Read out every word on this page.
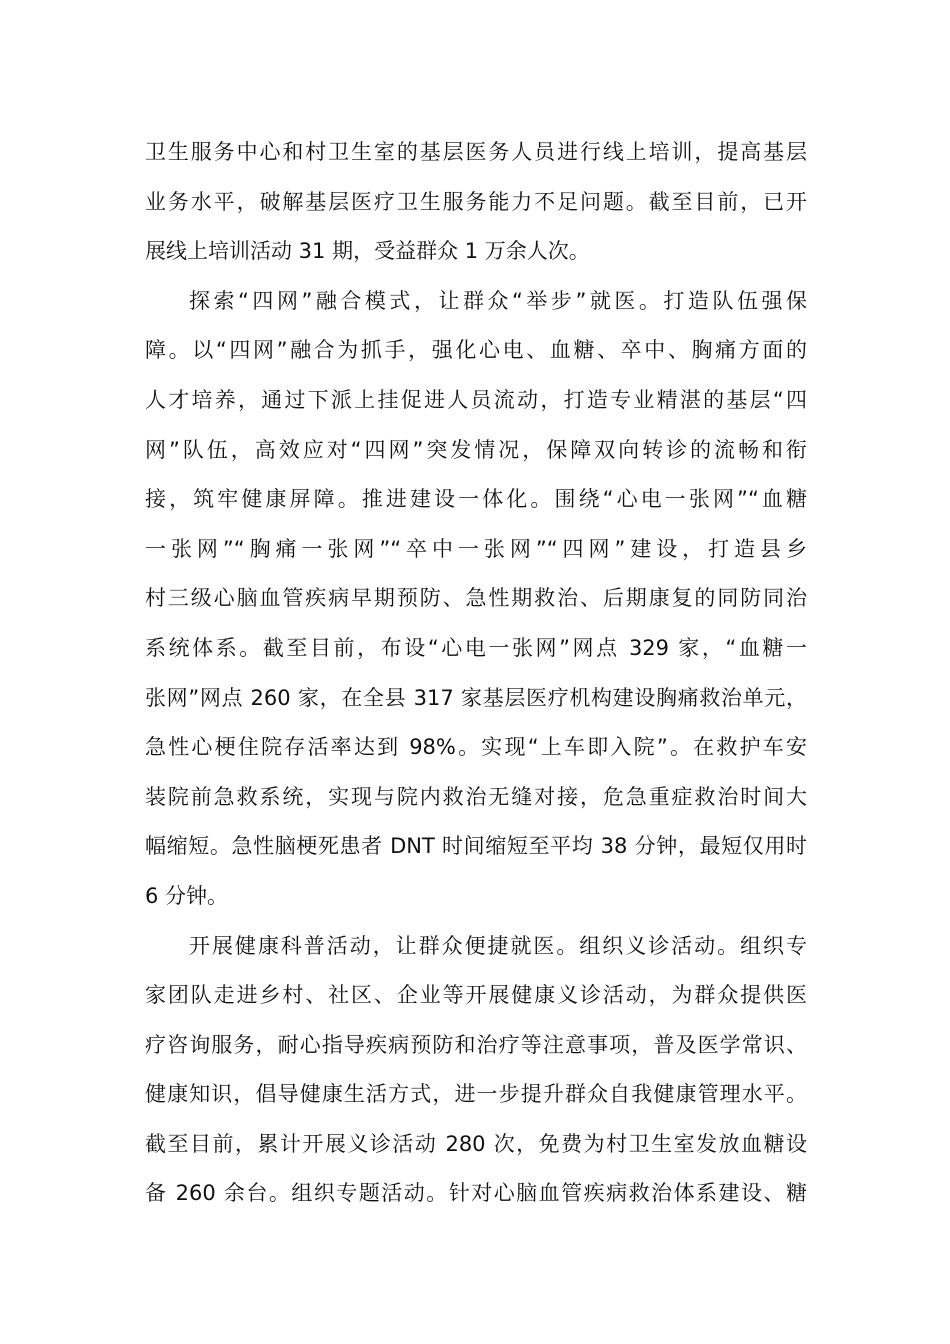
卫生服务中心和村卫生室的基层医务人员进行线上培训，提高基层
业务水平，破解基层医疗卫生服务能力不足问题。截至目前，已开
展线上培训活动 31 期，受益群众 1 万余人次。
探索“四网”融合模式，让群众“举步”就医。打造队伍强保
障。以“四网”融合为抓手，强化心电、血糖、卒中、胸痛方面的
人才培养，通过下派上挂促进人员流动，打造专业精湛的基层“四
网”队伍，高效应对“四网”突发情况，保障双向转诊的流畅和衔
接，筑牢健康屏障。推进建设一体化。围绕“心电一张网”“血糖
一张网”“胸痛一张网”“卒中一张网”“四网”建设，打造县乡
村三级心脑血管疾病早期预防、急性期救治、后期康复的同防同治
系统体系。截至目前，布设“心电一张网”网点 329 家，“血糖一
张网”网点 260 家，在全县 317 家基层医疗机构建设胸痛救治单元，
急性心梗住院存活率达到 98%。实现“上车即入院”。在救护车安
装院前急救系统，实现与院内救治无缝对接，危急重症救治时间大
幅缩短。急性脑梗死患者 DNT 时间缩短至平均 38 分钟，最短仅用时
6 分钟。
开展健康科普活动，让群众便捷就医。组织义诊活动。组织专
家团队走进乡村、社区、企业等开展健康义诊活动，为群众提供医
疗咨询服务，耐心指导疾病预防和治疗等注意事项，普及医学常识、
健康知识，倡导健康生活方式，进一步提升群众自我健康管理水平。
截至目前，累计开展义诊活动 280 次，免费为村卫生室发放血糖设
备 260 余台。组织专题活动。针对心脑血管疾病救治体系建设、糖
